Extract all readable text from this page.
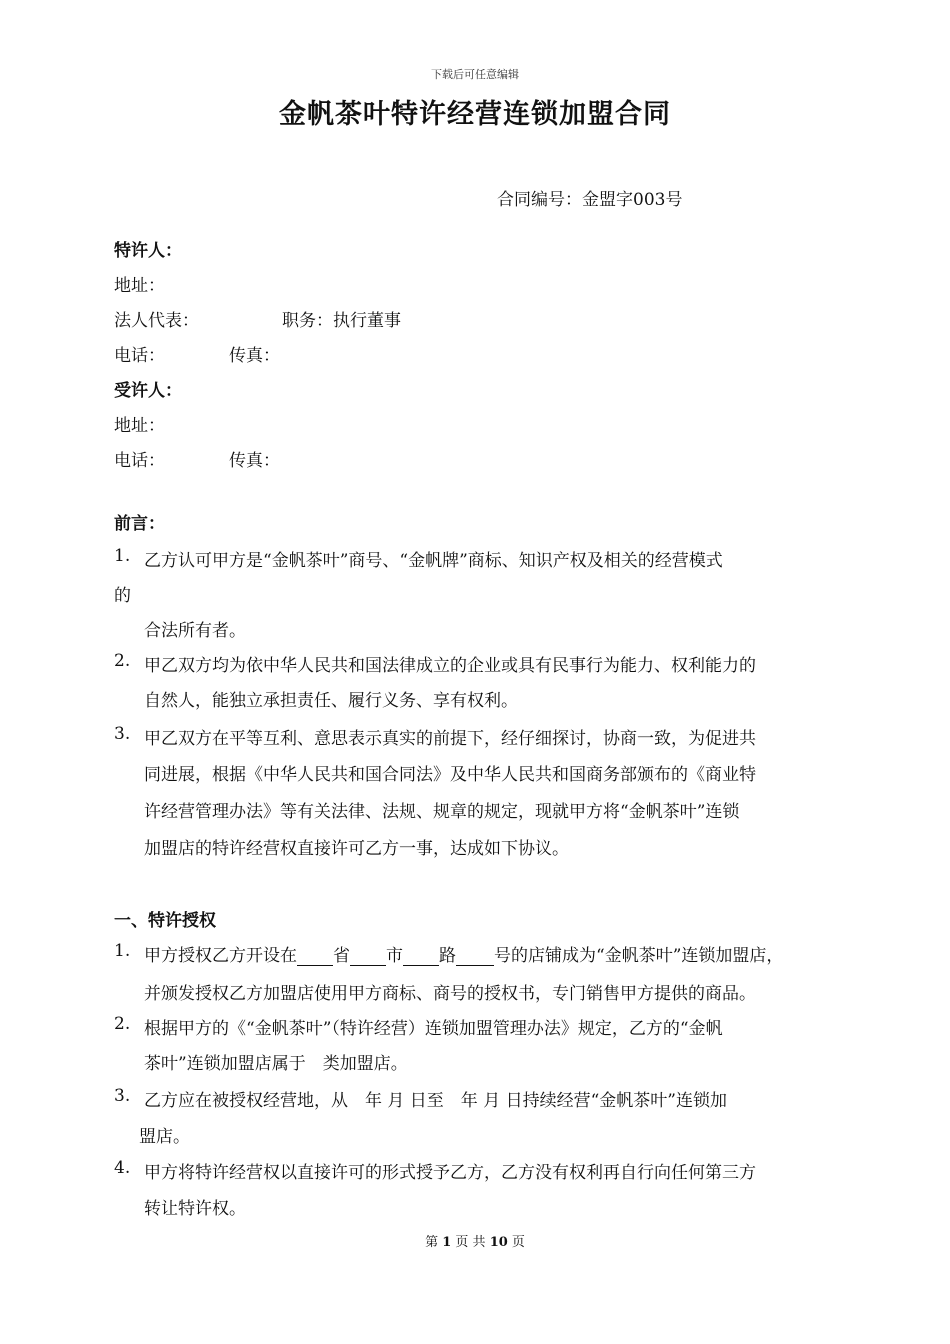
下载后可任意编辑
金帆茶叶特许经营连锁加盟合同
合同编号：金盟字003号
特许人：
地址：
法人代表：	职务：执行董事
电话：	传真：
受许人：
地址：
电话：	传真：
前言：
1. 乙方认可甲方是“金帆茶叶”商号、“金帆牌”商标、知识产权及相关的经营模式
的
合法所有者。
2. 甲乙双方均为依中华人民共和国法律成立的企业或具有民事行为能力、权利能力的
自然人，能独立承担责任、履行义务、享有权利。
3. 甲乙双方在平等互利、意思表示真实的前提下，经仔细探讨，协商一致，为促进共
同进展，根据《中华人民共和国合同法》及中华人民共和国商务部颁布的《商业特
许经营管理办法》等有关法律、法规、规章的规定，现就甲方将“金帆茶叶”连锁
加盟店的特许经营权直接许可乙方一事，达成如下协议。
一、特许授权
1. 甲方授权乙方开设在 省 市 路 号的店铺成为“金帆茶叶”连锁加盟店，
并颁发授权乙方加盟店使用甲方商标、商号的授权书，专门销售甲方提供的商品。
2. 根据甲方的《“金帆茶叶”（特许经营）连锁加盟管理办法》规定，乙方的“金帆
茶叶”连锁加盟店属于　类加盟店。
3. 乙方应在被授权经营地，从　年 月 日至　年 月 日持续经营“金帆茶叶”连锁加
盟店。
4. 甲方将特许经营权以直接许可的形式授予乙方，乙方没有权利再自行向任何第三方
转让特许权。
第 1 页 共 10 页
